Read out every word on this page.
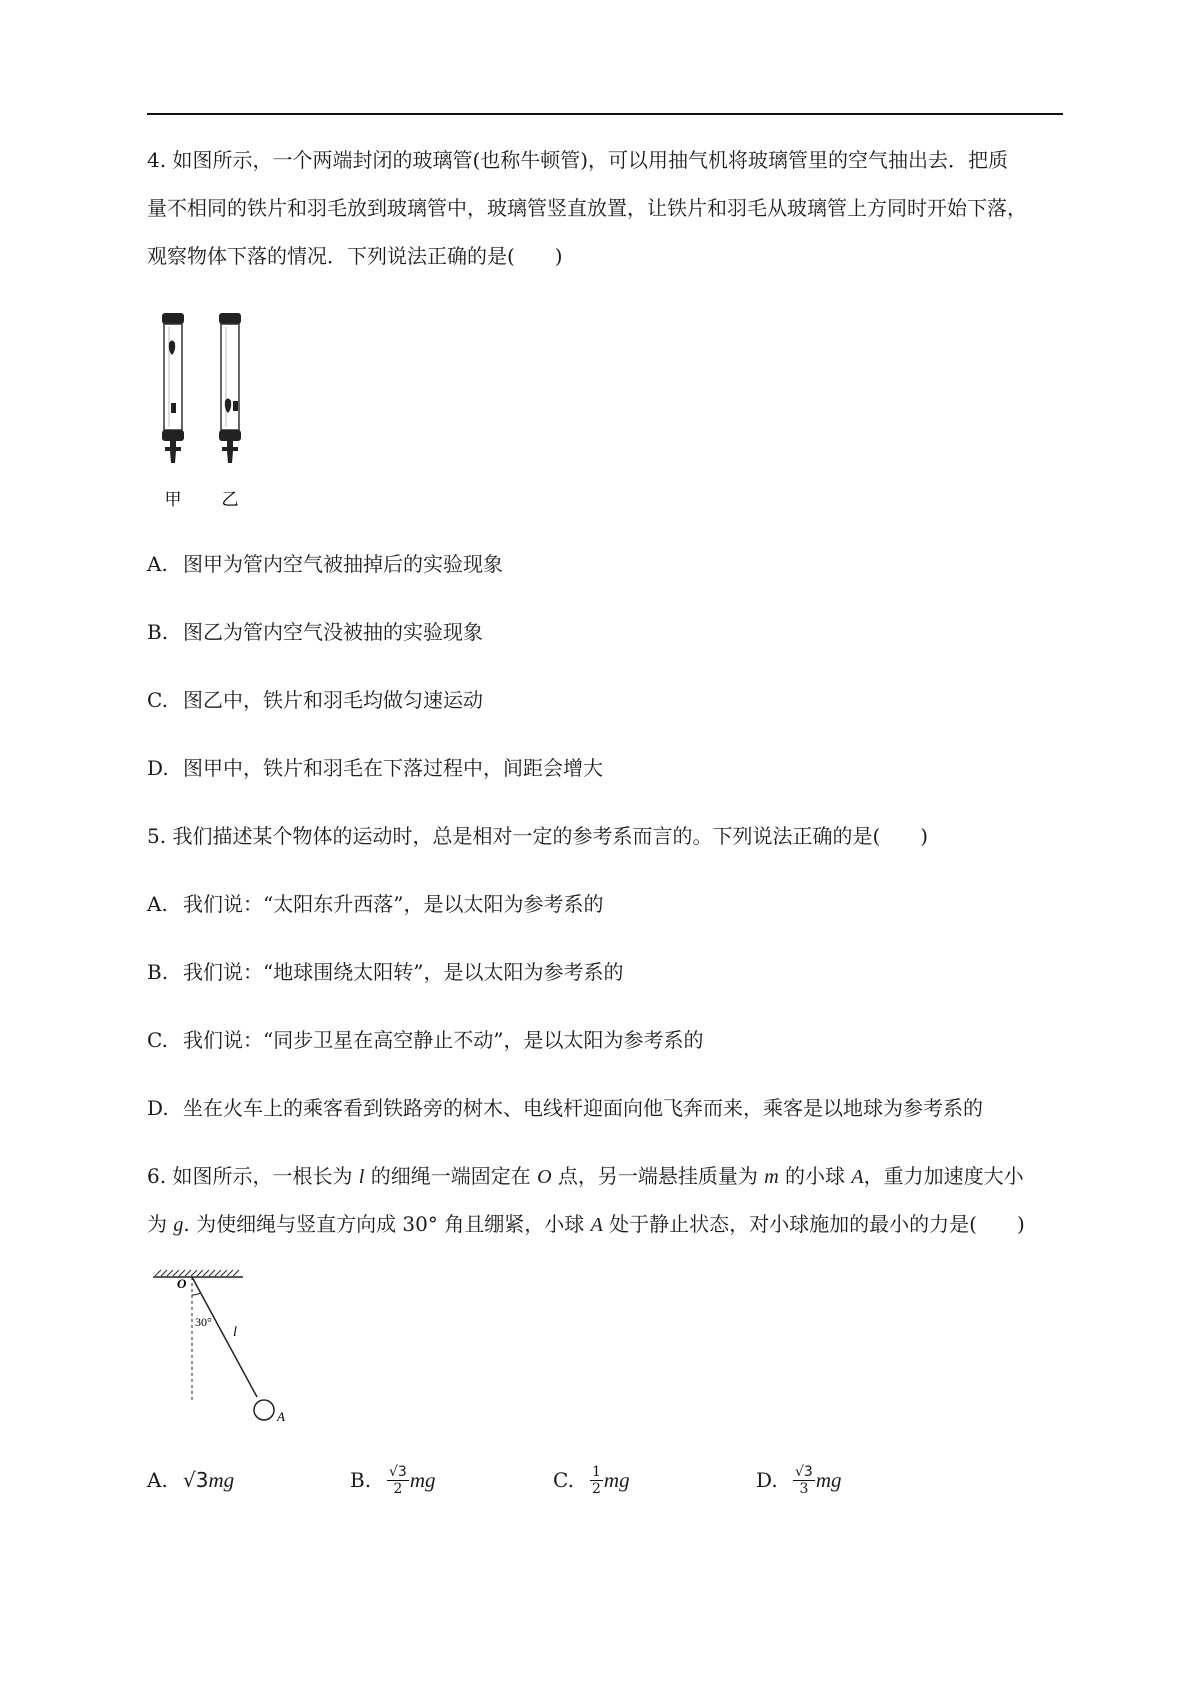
4. 如图所示，一个两端封闭的玻璃管(也称牛顿管)，可以用抽气机将玻璃管里的空气抽出去．把质
量不相同的铁片和羽毛放到玻璃管中，玻璃管竖直放置，让铁片和羽毛从玻璃管上方同时开始下落，
观察物体下落的情况．下列说法正确的是(　　)
甲 乙
A. 图甲为管内空气被抽掉后的实验现象
B. 图乙为管内空气没被抽的实验现象
C. 图乙中，铁片和羽毛均做匀速运动
D. 图甲中，铁片和羽毛在下落过程中，间距会增大
5. 我们描述某个物体的运动时，总是相对一定的参考系而言的。下列说法正确的是(　　)
A. 我们说：“太阳东升西落”，是以太阳为参考系的
B. 我们说：“地球围绕太阳转”，是以太阳为参考系的
C. 我们说：“同步卫星在高空静止不动”，是以太阳为参考系的
D. 坐在火车上的乘客看到铁路旁的树木、电线杆迎面向他飞奔而来，乘客是以地球为参考系的
6. 如图所示，一根长为 l 的细绳一端固定在 O 点，另一端悬挂质量为 m 的小球 A，重力加速度大小
为 g. 为使细绳与竖直方向成 30° 角且绷紧，小球 A 处于静止状态，对小球施加的最小的力是(　　)
O
30°
l
A
A. √3 mg	B.	$\frac{√3}{2}$ mg	C.	$\frac{1}{2}$ mg	D.	$\frac{√3}{3}$ mg
